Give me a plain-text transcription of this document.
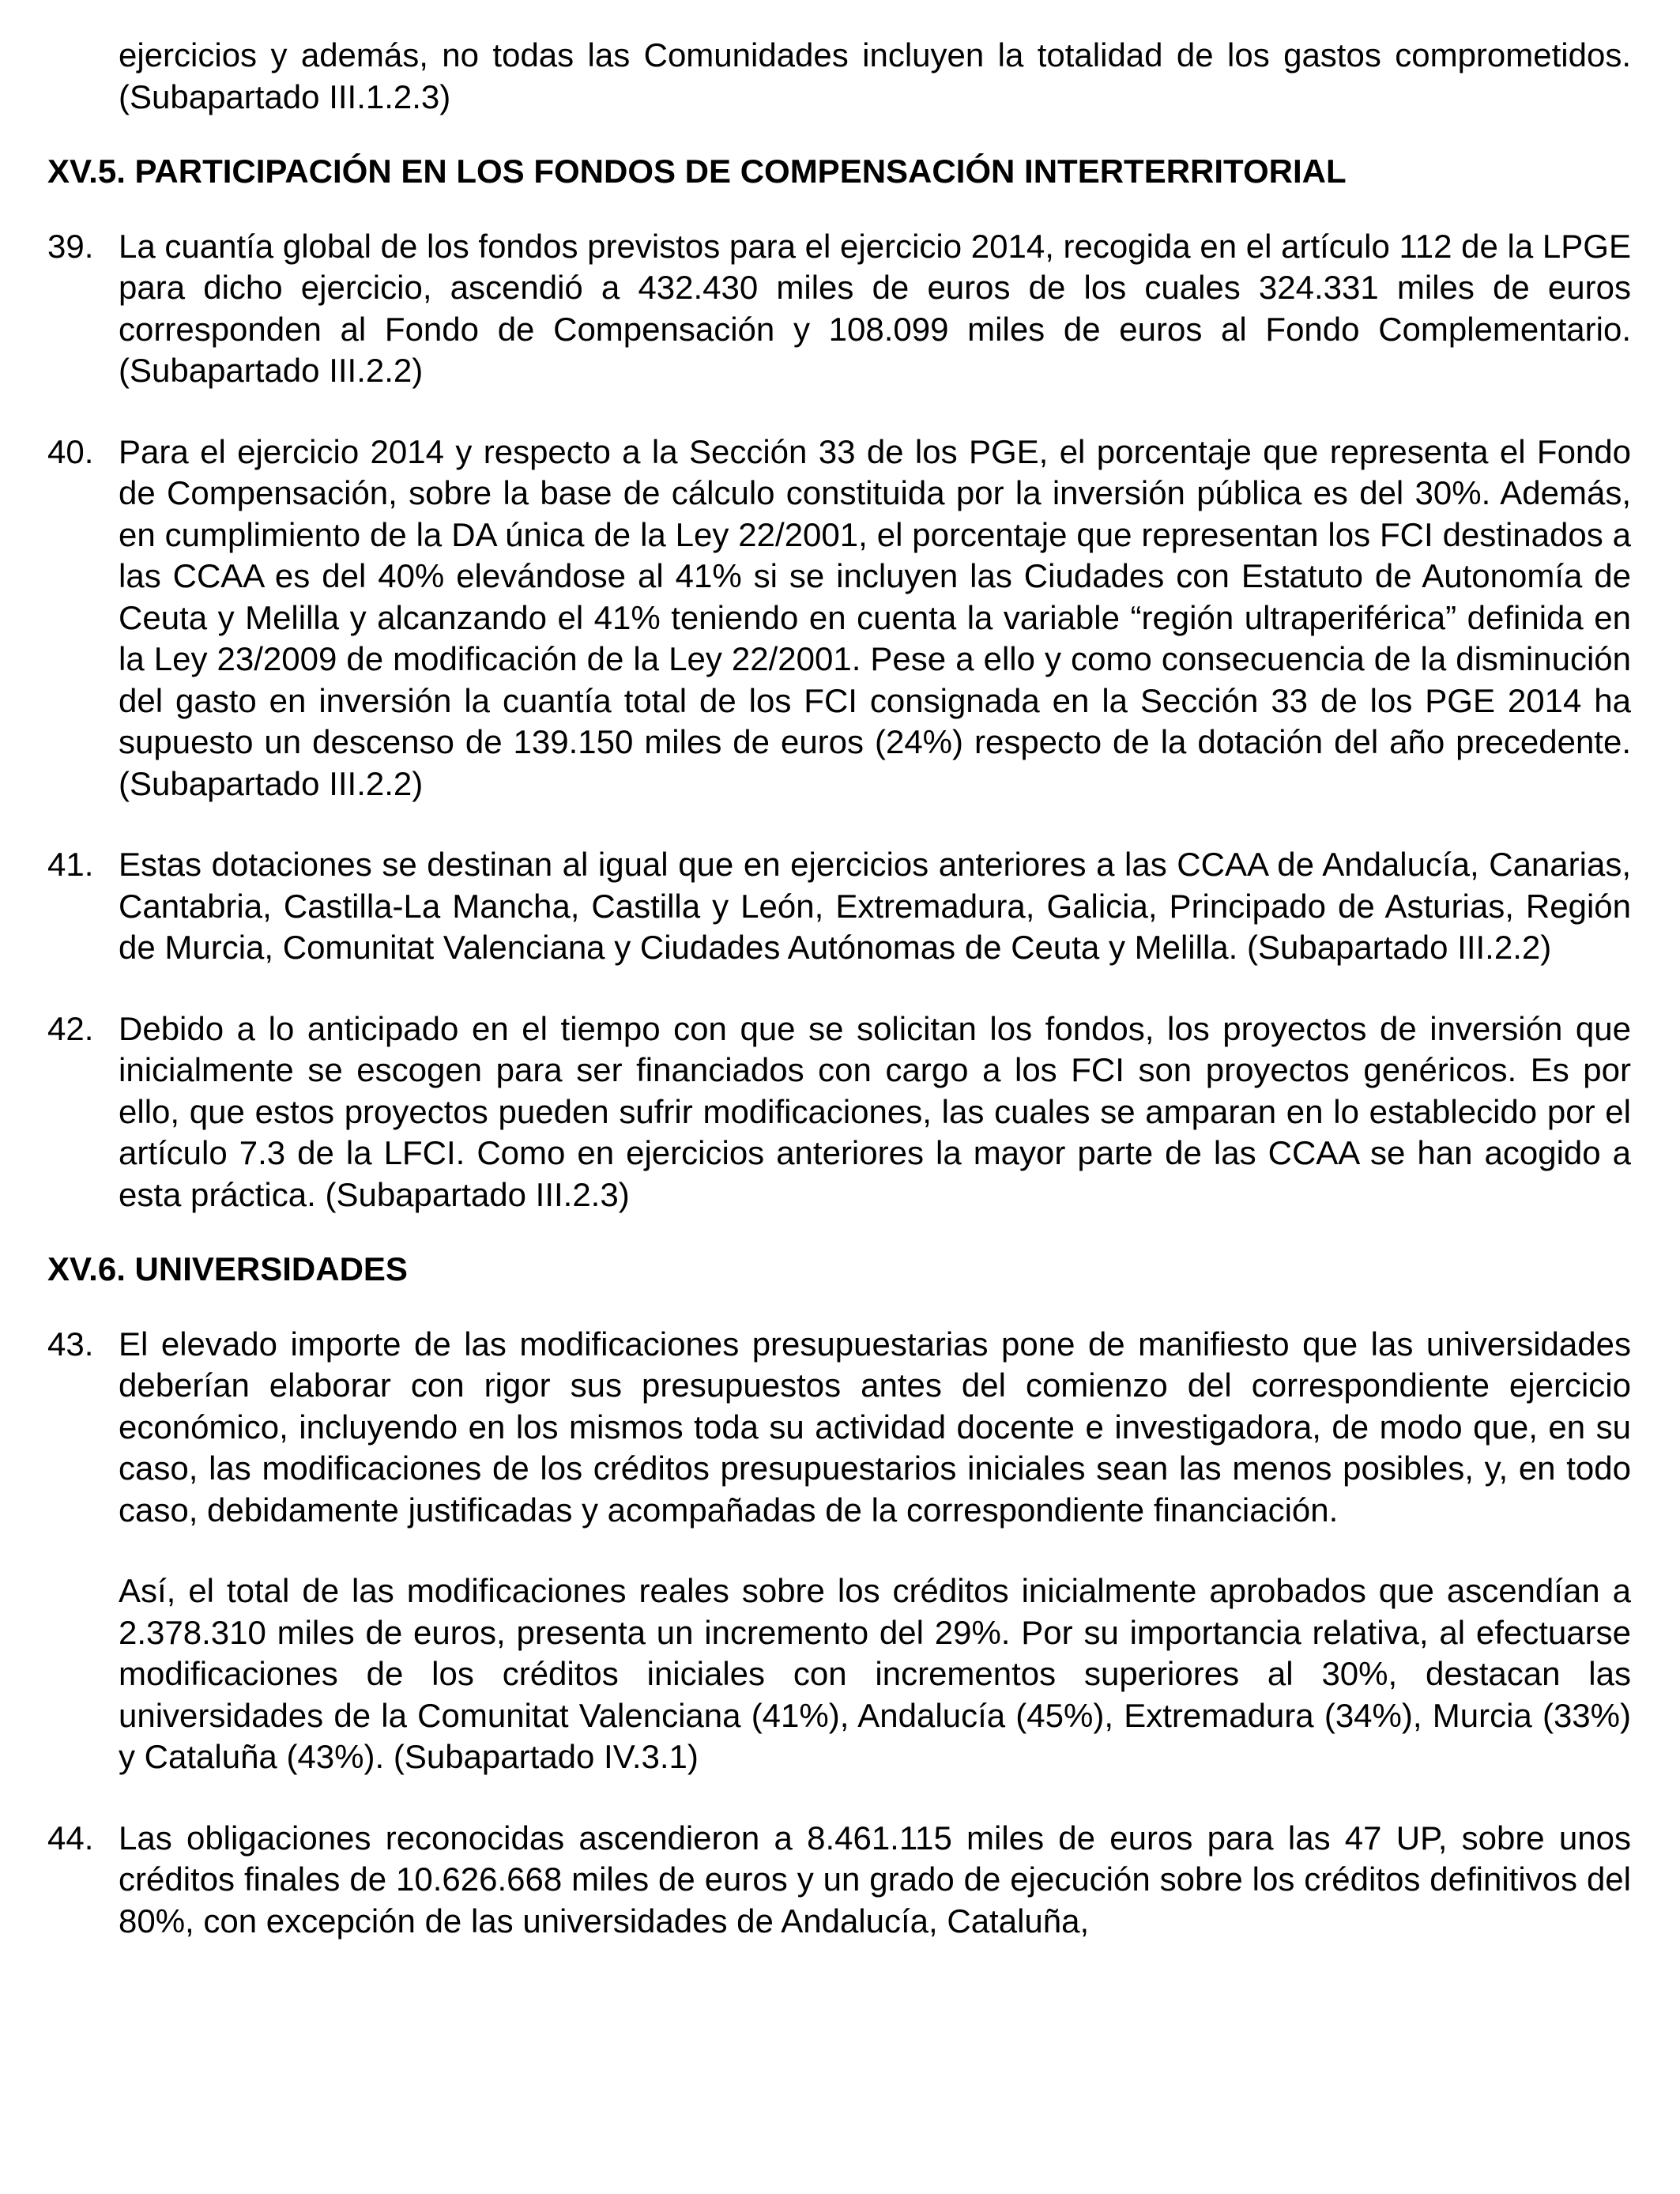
ejercicios y además, no todas las Comunidades incluyen la totalidad de los gastos comprometidos. (Subapartado III.1.2.3)

XV.5. PARTICIPACIÓN EN LOS FONDOS DE COMPENSACIÓN INTERTERRITORIAL

39. La cuantía global de los fondos previstos para el ejercicio 2014, recogida en el artículo 112 de la LPGE para dicho ejercicio, ascendió a 432.430 miles de euros de los cuales 324.331 miles de euros corresponden al Fondo de Compensación y 108.099 miles de euros al Fondo Complementario. (Subapartado III.2.2)
40. Para el ejercicio 2014 y respecto a la Sección 33 de los PGE, el porcentaje que representa el Fondo de Compensación, sobre la base de cálculo constituida por la inversión pública es del 30%. Además, en cumplimiento de la DA única de la Ley 22/2001, el porcentaje que representan los FCI destinados a las CCAA es del 40% elevándose al 41% si se incluyen las Ciudades con Estatuto de Autonomía de Ceuta y Melilla y alcanzando el 41% teniendo en cuenta la variable “región ultraperiférica” definida en la Ley 23/2009 de modificación de la Ley 22/2001. Pese a ello y como consecuencia de la disminución del gasto en inversión la cuantía total de los FCI consignada en la Sección 33 de los PGE 2014 ha supuesto un descenso de 139.150 miles de euros (24%) respecto de la dotación del año precedente. (Subapartado III.2.2)
41. Estas dotaciones se destinan al igual que en ejercicios anteriores a las CCAA de Andalucía, Canarias, Cantabria, Castilla-La Mancha, Castilla y León, Extremadura, Galicia, Principado de Asturias, Región de Murcia, Comunitat Valenciana y Ciudades Autónomas de Ceuta y Melilla. (Subapartado III.2.2)
42. Debido a lo anticipado en el tiempo con que se solicitan los fondos, los proyectos de inversión que inicialmente se escogen para ser financiados con cargo a los FCI son proyectos genéricos. Es por ello, que estos proyectos pueden sufrir modificaciones, las cuales se amparan en lo establecido por el artículo 7.3 de la LFCI. Como en ejercicios anteriores la mayor parte de las CCAA se han acogido a esta práctica. (Subapartado III.2.3)

XV.6. UNIVERSIDADES

43. El elevado importe de las modificaciones presupuestarias pone de manifiesto que las universidades deberían elaborar con rigor sus presupuestos antes del comienzo del correspondiente ejercicio económico, incluyendo en los mismos toda su actividad docente e investigadora, de modo que, en su caso, las modificaciones de los créditos presupuestarios iniciales sean las menos posibles, y, en todo caso, debidamente justificadas y acompañadas de la correspondiente financiación.

Así, el total de las modificaciones reales sobre los créditos inicialmente aprobados que ascendían a 2.378.310 miles de euros, presenta un incremento del 29%. Por su importancia relativa, al efectuarse modificaciones de los créditos iniciales con incrementos superiores al 30%, destacan las universidades de la Comunitat Valenciana (41%), Andalucía (45%), Extremadura (34%), Murcia (33%) y Cataluña (43%). (Subapartado IV.3.1)

44. Las obligaciones reconocidas ascendieron a 8.461.115 miles de euros para las 47 UP, sobre unos créditos finales de 10.626.668 miles de euros y un grado de ejecución sobre los créditos definitivos del 80%, con excepción de las universidades de Andalucía, Cataluña,
